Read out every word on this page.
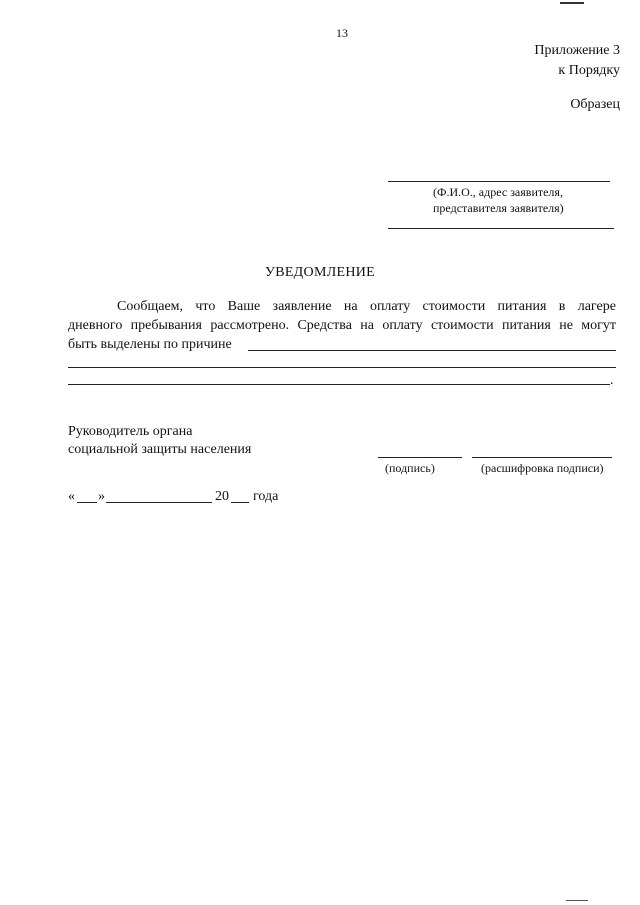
13
Приложение 3
к Порядку
Образец
(Ф.И.О., адрес заявителя,
представителя заявителя)
УВЕДОМЛЕНИЕ
Сообщаем, что Ваше заявление на оплату стоимости питания в лагере
дневного пребывания рассмотрено. Средства на оплату стоимости питания не могут
быть выделены по причине
.
Руководитель органа
социальной защиты населения
(подпись)	(расшифровка подписи)
« »	20 года
